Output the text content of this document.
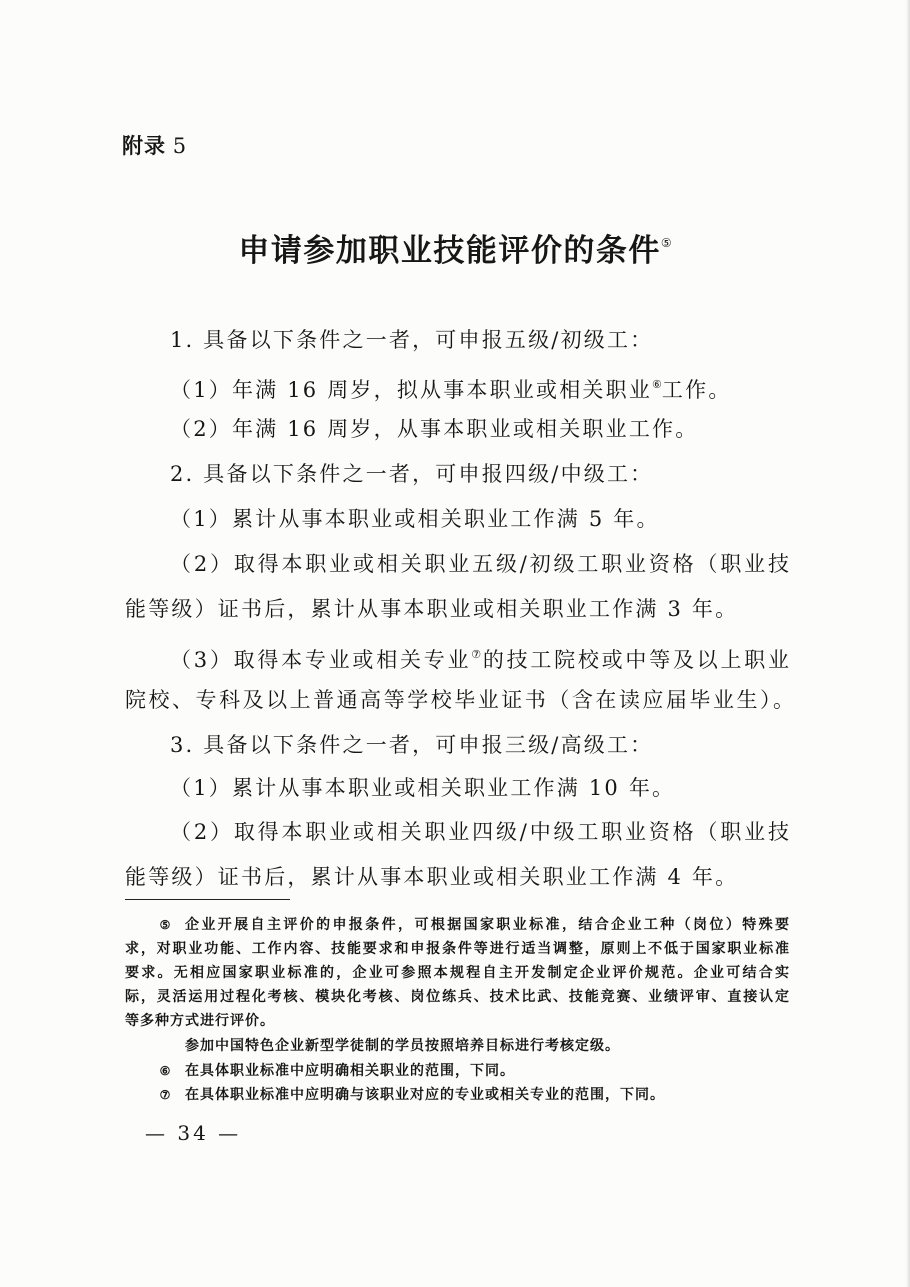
附录 5
申请参加职业技能评价的条件⑤
1. 具备以下条件之一者，可申报五级/初级工：
（1）年满 16 周岁，拟从事本职业或相关职业⑥工作。
（2）年满 16 周岁，从事本职业或相关职业工作。
2. 具备以下条件之一者，可申报四级/中级工：
（1）累计从事本职业或相关职业工作满 5 年。
（2）取得本职业或相关职业五级/初级工职业资格（职业技
能等级）证书后，累计从事本职业或相关职业工作满 3 年。
（3）取得本专业或相关专业⑦的技工院校或中等及以上职业
院校、专科及以上普通高等学校毕业证书（含在读应届毕业生）。
3. 具备以下条件之一者，可申报三级/高级工：
（1）累计从事本职业或相关职业工作满 10 年。
（2）取得本职业或相关职业四级/中级工职业资格（职业技
能等级）证书后，累计从事本职业或相关职业工作满 4 年。
⑤ 企业开展自主评价的申报条件，可根据国家职业标准，结合企业工种（岗位）特殊要
求，对职业功能、工作内容、技能要求和申报条件等进行适当调整，原则上不低于国家职业标准
要求。无相应国家职业标准的，企业可参照本规程自主开发制定企业评价规范。企业可结合实
际，灵活运用过程化考核、模块化考核、岗位练兵、技术比武、技能竞赛、业绩评审、直接认定
等多种方式进行评价。
参加中国特色企业新型学徒制的学员按照培养目标进行考核定级。
⑥ 在具体职业标准中应明确相关职业的范围，下同。
⑦ 在具体职业标准中应明确与该职业对应的专业或相关专业的范围，下同。
— 34 —
